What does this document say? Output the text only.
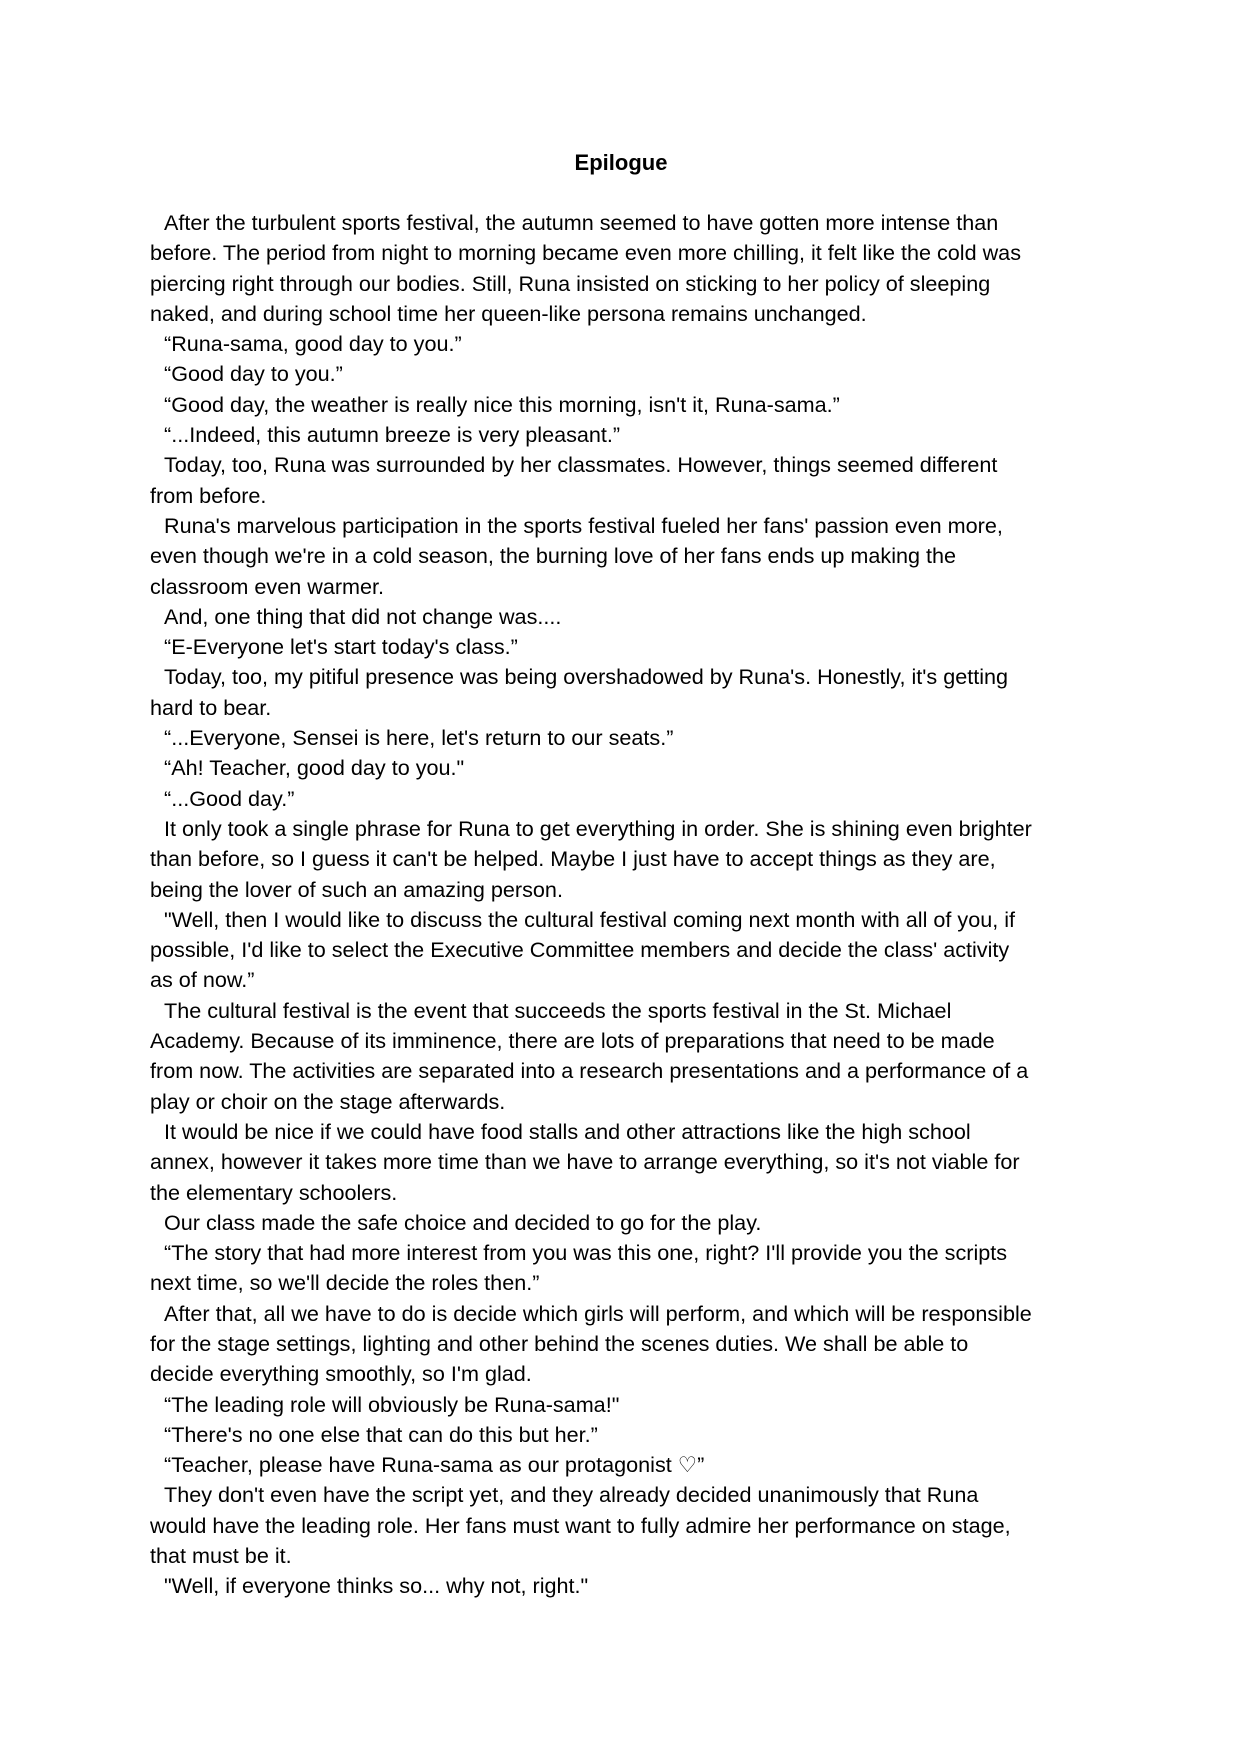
Epilogue

After the turbulent sports festival, the autumn seemed to have gotten more intense than

before. The period from night to morning became even more chilling, it felt like the cold was

piercing right through our bodies. Still, Runa insisted on sticking to her policy of sleeping

naked, and during school time her queen-like persona remains unchanged.

“Runa-sama, good day to you.”

“Good day to you.”

“Good day, the weather is really nice this morning, isn't it, Runa-sama.”

“...Indeed, this autumn breeze is very pleasant.”

Today, too, Runa was surrounded by her classmates. However, things seemed different

from before.

Runa's marvelous participation in the sports festival fueled her fans' passion even more,

even though we're in a cold season, the burning love of her fans ends up making the

classroom even warmer.

And, one thing that did not change was....

“E-Everyone let's start today's class.”

Today, too, my pitiful presence was being overshadowed by Runa's. Honestly, it's getting

hard to bear.

“...Everyone, Sensei is here, let's return to our seats.”

“Ah! Teacher, good day to you."

“...Good day.”

It only took a single phrase for Runa to get everything in order. She is shining even brighter

than before, so I guess it can't be helped. Maybe I just have to accept things as they are,

being the lover of such an amazing person.

"Well, then I would like to discuss the cultural festival coming next month with all of you, if

possible, I'd like to select the Executive Committee members and decide the class' activity

as of now.”

The cultural festival is the event that succeeds the sports festival in the St. Michael

Academy. Because of its imminence, there are lots of preparations that need to be made

from now. The activities are separated into a research presentations and a performance of a

play or choir on the stage afterwards.

It would be nice if we could have food stalls and other attractions like the high school

annex, however it takes more time than we have to arrange everything, so it's not viable for

the elementary schoolers.

Our class made the safe choice and decided to go for the play.

“The story that had more interest from you was this one, right? I'll provide you the scripts

next time, so we'll decide the roles then.”

After that, all we have to do is decide which girls will perform, and which will be responsible

for the stage settings, lighting and other behind the scenes duties. We shall be able to

decide everything smoothly, so I'm glad.

“The leading role will obviously be Runa-sama!"

“There's no one else that can do this but her.”

“Teacher, please have Runa-sama as our protagonist ♡”

They don't even have the script yet, and they already decided unanimously that Runa

would have the leading role. Her fans must want to fully admire her performance on stage,

that must be it.

"Well, if everyone thinks so... why not, right."
